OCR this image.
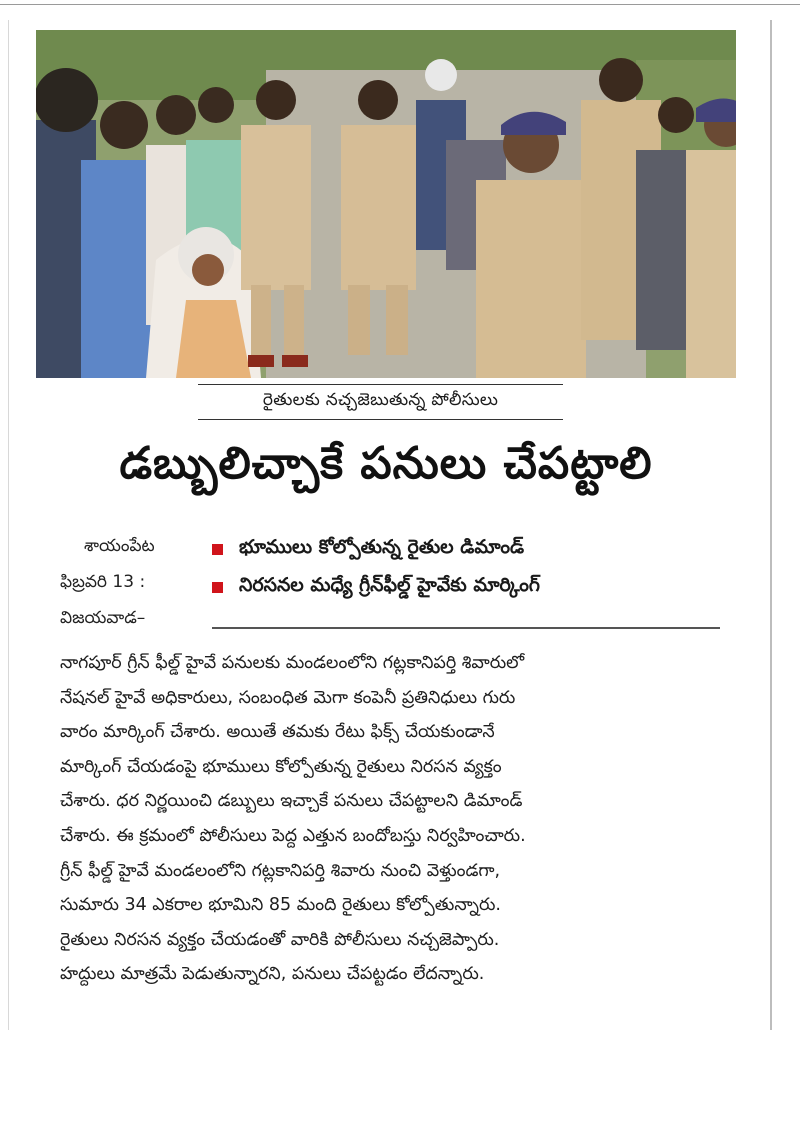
రైతులకు నచ్చజెబుతున్న పోలీసులు
డబ్బులిచ్చాకే పనులు చేపట్టాలి
శాయంపేట
ఫిబ్రవరి 13 :
విజయవాడ–
భూములు కోల్పోతున్న రైతుల డిమాండ్
నిరసనల మధ్యే గ్రీన్‌ఫీల్డ్ హైవేకు మార్కింగ్
నాగపూర్ గ్రీన్ ఫీల్డ్ హైవే పనులకు మండలంలోని గట్లకానిపర్తి శివారులో
నేషనల్ హైవే అధికారులు, సంబంధిత మెగా కంపెనీ ప్రతినిధులు గురు
వారం మార్కింగ్ చేశారు. అయితే తమకు రేటు ఫిక్స్ చేయకుండానే
మార్కింగ్ చేయడంపై భూములు కోల్పోతున్న రైతులు నిరసన వ్యక్తం
చేశారు. ధర నిర్ణయించి డబ్బులు ఇచ్చాకే పనులు చేపట్టాలని డిమాండ్
చేశారు. ఈ క్రమంలో పోలీసులు పెద్ద ఎత్తున బందోబస్తు నిర్వహించారు.
గ్రీన్ ఫీల్డ్ హైవే మండలంలోని గట్లకానిపర్తి శివారు నుంచి వెళ్తుండగా,
సుమారు 34 ఎకరాల భూమిని 85 మంది రైతులు కోల్పోతున్నారు.
రైతులు నిరసన వ్యక్తం చేయడంతో వారికి పోలీసులు నచ్చజెప్పారు.
హద్దులు మాత్రమే పెడుతున్నారని, పనులు చేపట్టడం లేదన్నారు.
